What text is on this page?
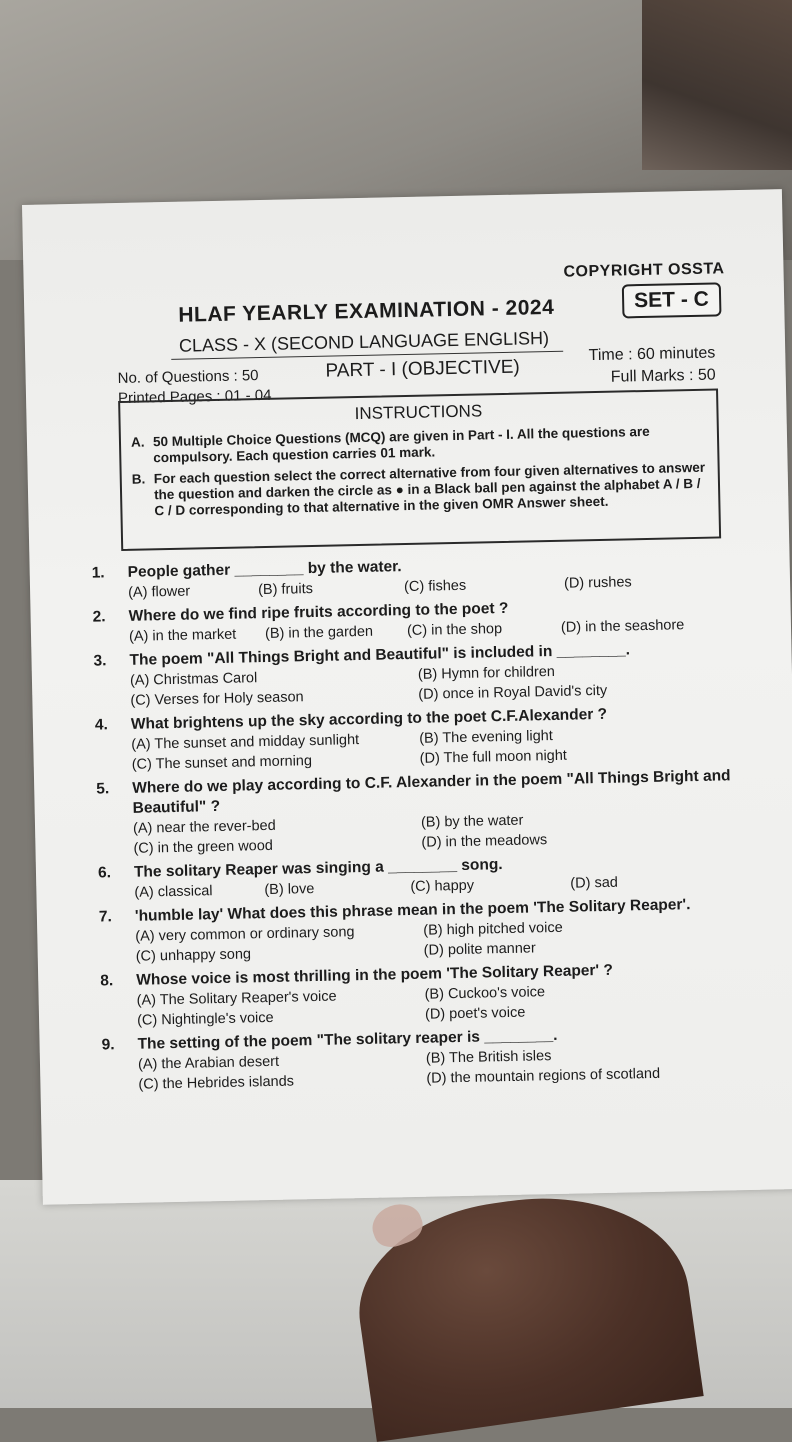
COPYRIGHT OSSTA
SET - C
HLAF YEARLY EXAMINATION - 2024
CLASS - X (SECOND LANGUAGE ENGLISH)
No. of Questions : 50
Printed Pages : 01 - 04
PART - I (OBJECTIVE)
Time : 60 minutes
Full Marks : 50
INSTRUCTIONS
A. 50 Multiple Choice Questions (MCQ) are given in Part - I. All the questions are compulsory. Each question carries 01 mark.
B. For each question select the correct alternative from four given alternatives to answer the question and darken the circle as ● in a Black ball pen against the alphabet A / B / C / D corresponding to that alternative in the given OMR Answer sheet.
1.	People gather ________ by the water.
(A) flower	(B) fruits	(C) fishes	(D) rushes
2.	Where do we find ripe fruits according to the poet ?
(A) in the market	(B) in the garden	(C) in the shop	(D) in the seashore
3.	The poem "All Things Bright and Beautiful" is included in ________.
(A) Christmas Carol	(B) Hymn for children
(C) Verses for Holy season	(D) once in Royal David's city
4.	What brightens up the sky according to the poet C.F.Alexander ?
(A) The sunset and midday sunlight	(B) The evening light
(C) The sunset and morning	(D) The full moon night
5.	Where do we play according to C.F. Alexander in the poem "All Things Bright and Beautiful" ?
(A) near the rever-bed	(B) by the water
(C) in the green wood	(D) in the meadows
6.	The solitary Reaper was singing a ________ song.
(A) classical	(B) love	(C) happy	(D) sad
7.	'humble lay' What does this phrase mean in the poem 'The Solitary Reaper'.
(A) very common or ordinary song	(B) high pitched voice
(C) unhappy song	(D) polite manner
8.	Whose voice is most thrilling in the poem 'The Solitary Reaper' ?
(A) The Solitary Reaper's voice	(B) Cuckoo's voice
(C) Nightingle's voice	(D) poet's voice
9.	The setting of the poem "The solitary reaper is ________.
(A) the Arabian desert	(B) The British isles
(C) the Hebrides islands	(D) the mountain regions of scotland
